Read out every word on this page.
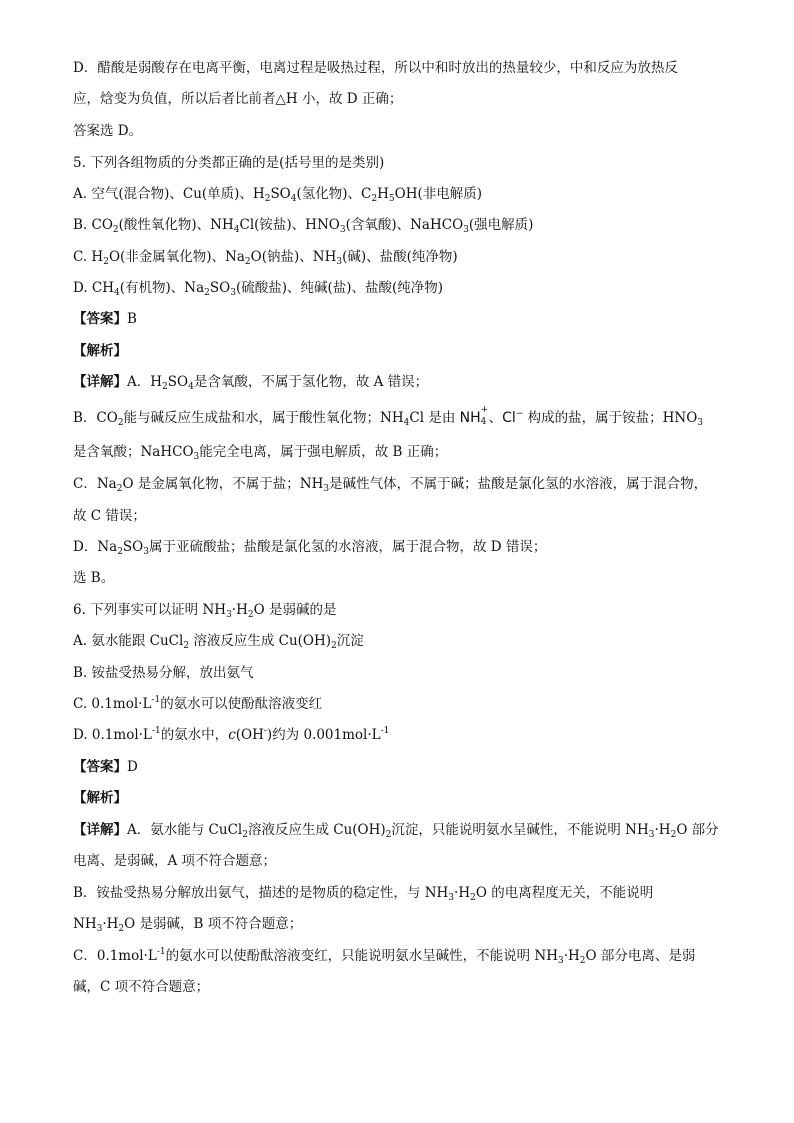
D．醋酸是弱酸存在电离平衡，电离过程是吸热过程，所以中和时放出的热量较少，中和反应为放热反
应，焓变为负值，所以后者比前者△H 小，故 D 正确；
答案选 D。
5. 下列各组物质的分类都正确的是(括号里的是类别)
A. 空气(混合物)、Cu(单质)、$H_2SO_4$(氢化物)、$C_2H_5OH$(非电解质)
B. $CO_2$(酸性氧化物)、$NH_4Cl$(铵盐)、$HNO_3$(含氧酸)、NaHCO$_3$(强电解质)
C. $H_2O$(非金属氧化物)、$Na_2O$(钠盐)、$NH_3$(碱)、盐酸(纯净物)
D. $CH_4$(有机物)、$Na_2SO_3$(硫酸盐)、纯碱(盐)、盐酸(纯净物)
【答案】B
【解析】
【详解】A．$H_2SO_4$是含氧酸，不属于氢化物，故 A 错误；
B．$CO_2$能与碱反应生成盐和水，属于酸性氧化物；$NH_4Cl$ 是由 NH +
4 、Cl− 构成的盐，属于铵盐；$HNO_3$
是含氧酸；NaHCO$_3$能完全电离，属于强电解质，故 B 正确；
C．$Na_2O$ 是金属氧化物，不属于盐；$NH_3$是碱性气体，不属于碱；盐酸是氯化氢的水溶液，属于混合物，
故 C 错误；
D．$Na_2SO_3$属于亚硫酸盐；盐酸是氯化氢的水溶液，属于混合物，故 D 错误；
选 B。
6. 下列事实可以证明 $NH_3\cdot H_2O$ 是弱碱的是
A. 氨水能跟 CuCl$_2$ 溶液反应生成 $Cu(OH)_2$沉淀
B. 铵盐受热易分解，放出氨气
C. $0.1mol\cdot L^{-1}$的氨水可以使酚酞溶液变红
D. $0.1mol\cdot L^{-1}$的氨水中，c(OH-)约为 $0.001mol\cdot L^{-1}$
【答案】D
【解析】
【详解】A．氨水能与 CuCl$_2$溶液反应生成 $Cu(OH)_2$沉淀，只能说明氨水呈碱性，不能说明 $NH_3\cdot H_2O$ 部分
电离、是弱碱，A 项不符合题意；
B．铵盐受热易分解放出氨气，描述的是物质的稳定性，与 $NH_3\cdot H_2O$ 的电离程度无关，不能说明
$NH_3\cdot H_2O$ 是弱碱，B 项不符合题意；
C．$0.1mol\cdot L^{-1}$的氨水可以使酚酞溶液变红，只能说明氨水呈碱性，不能说明 $NH_3\cdot H_2O$ 部分电离、是弱
碱，C 项不符合题意；
